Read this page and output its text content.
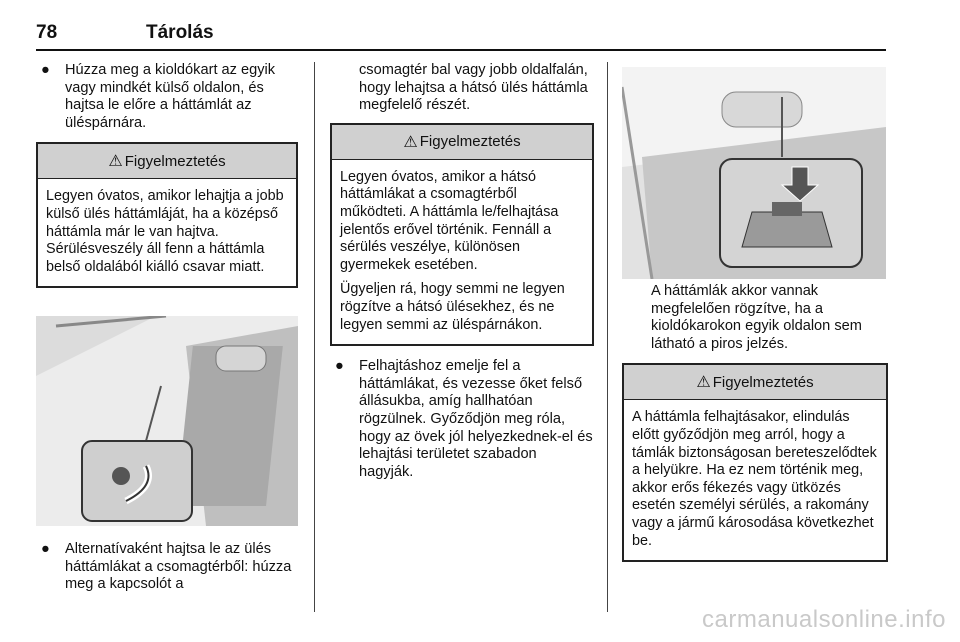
78	Tárolás
● Húzza meg a kioldókart az egyik vagy mindkét külső oldalon, és hajtsa le előre a háttámlát az üléspárnára.
⚠ Figyelmeztetés

Legyen óvatos, amikor lehajtja a jobb külső ülés háttámláját, ha a középső háttámla már le van hajtva. Sérülésveszély áll fenn a háttámla belső oldalából kiálló csavar miatt.

● Alternatívaként hajtsa le az ülés háttámlákat a csomagtérből: húzza meg a kapcsolót a

csomagtér bal vagy jobb oldalfalán, hogy lehajtsa a hátsó ülés háttámla megfelelő részét.

⚠ Figyelmeztetés

Legyen óvatos, amikor a hátsó háttámlákat a csomagtérből működteti. A háttámla le/felhajtása jelentős erővel történik. Fennáll a sérülés veszélye, különösen gyermekek esetében.

Ügyeljen rá, hogy semmi ne legyen rögzítve a hátsó ülésekhez, és ne legyen semmi az üléspárnákon.

● Felhajtáshoz emelje fel a háttámlákat, és vezesse őket felső állásukba, amíg hallhatóan rögzülnek. Győződjön meg róla, hogy az övek jól helyezkednek-el és lehajtási területet szabadon hagyják.

A háttámlák akkor vannak megfelelően rögzítve, ha a kioldókarokon egyik oldalon sem látható a piros jelzés.

⚠ Figyelmeztetés

A háttámla felhajtásakor, elindulás előtt győződjön meg arról, hogy a támlák biztonságosan bereteszelődtek a helyükre. Ha ez nem történik meg, akkor erős fékezés vagy ütközés esetén személyi sérülés, a rakomány vagy a jármű károsodása következhet be.

carmanualsonline.info
